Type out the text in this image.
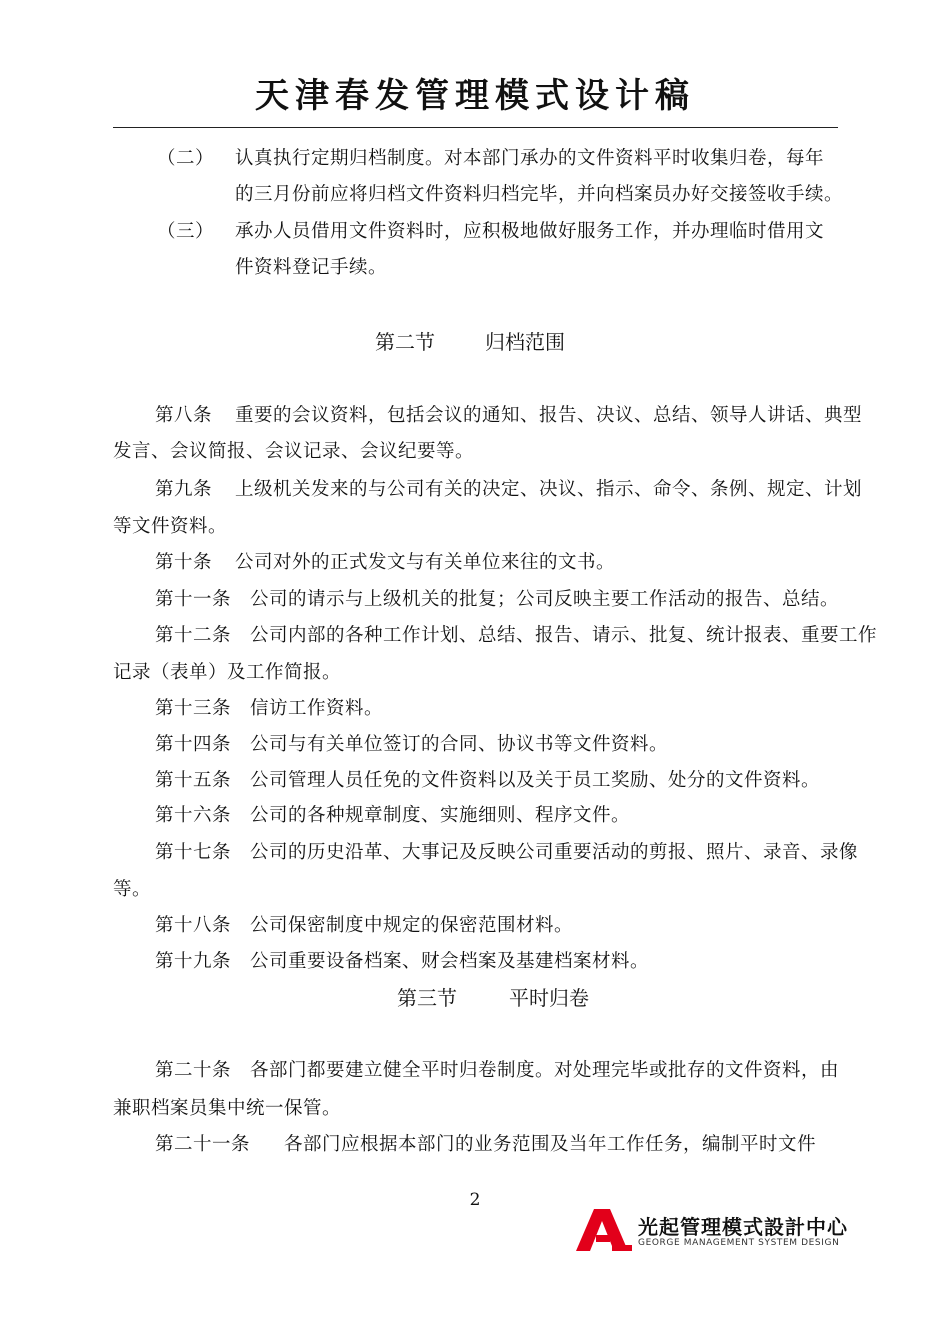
天津春发管理模式设计稿
（二） 认真执行定期归档制度。对本部门承办的文件资料平时收集归卷，每年
的三月份前应将归档文件资料归档完毕，并向档案员办好交接签收手续。
（三） 承办人员借用文件资料时，应积极地做好服务工作，并办理临时借用文
件资料登记手续。
第二节	归档范围
第八条 重要的会议资料，包括会议的通知、报告、决议、总结、领导人讲话、典型
发言、会议简报、会议记录、会议纪要等。
第九条 上级机关发来的与公司有关的决定、决议、指示、命令、条例、规定、计划
等文件资料。
第十条 公司对外的正式发文与有关单位来往的文书。
第十一条 公司的请示与上级机关的批复；公司反映主要工作活动的报告、总结。
第十二条 公司内部的各种工作计划、总结、报告、请示、批复、统计报表、重要工作
记录（表单）及工作简报。
第十三条 信访工作资料。
第十四条 公司与有关单位签订的合同、协议书等文件资料。
第十五条 公司管理人员任免的文件资料以及关于员工奖励、处分的文件资料。
第十六条 公司的各种规章制度、实施细则、程序文件。
第十七条 公司的历史沿革、大事记及反映公司重要活动的剪报、照片、录音、录像
等。
第十八条 公司保密制度中规定的保密范围材料。
第十九条 公司重要设备档案、财会档案及基建档案材料。
第三节	平时归卷
第二十条 各部门都要建立健全平时归卷制度。对处理完毕或批存的文件资料，由
兼职档案员集中统一保管。
第二十一条 各部门应根据本部门的业务范围及当年工作任务，编制平时文件
2
光起管理模式設計中心
GEORGE MANAGEMENT SYSTEM DESIGN
